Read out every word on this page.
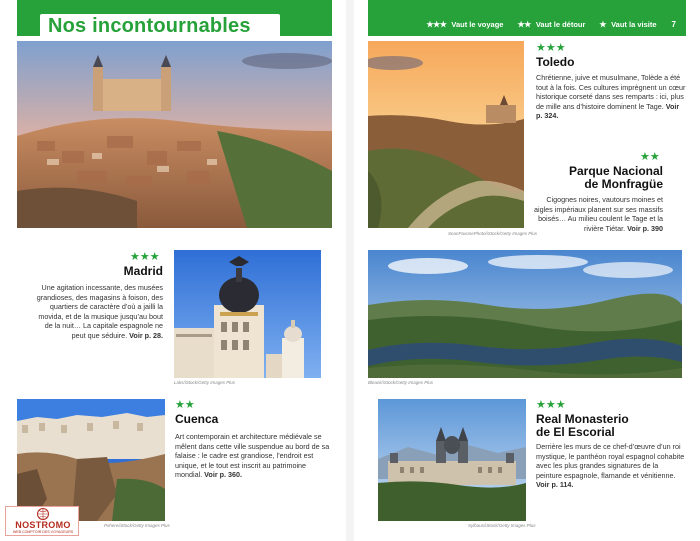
Nos incontournables
★★★
Madrid
Une agitation incessante, des musées grandioses, des magasins à foison, des quartiers de caractère d’où a jailli la movida, et de la musique jusqu’au bout de la nuit… La capitale espagnole ne peut que séduire. Voir p. 28.
Laks/iStock/Getty Images Plus
Pxhere/iStock/Getty Images Plus
★★
Cuenca
Art contemporain et architecture médiévale se mêlent dans cette ville suspendue au bord de sa falaise : le cadre est grandiose, l’endroit est unique, et le tout est inscrit au patrimoine mondial. Voir p. 360.
NOSTROMO
WEB COMPTOIR DES VOYAGEURS
★★★ Vaut le voyage ★★ Vaut le détour ★ Vaut la visite 7
SeanPavonePhoto/iStock/Getty Images Plus
★★★
Toledo
Chrétienne, juive et musulmane, Tolède a été tout à la fois. Ces cultures imprègnent un cœur historique corseté dans ses remparts : ici, plus de mille ans d’histoire dominent le Tage. Voir p. 324.
★★
Parque Nacional
de Monfragüe
Cigognes noires, vautours moines et aigles impériaux planent sur ses massifs boisés… Au milieu coulent le Tage et la rivière Tiétar. Voir p. 390
Bleack/iStock/Getty Images Plus
Sylbaus/iStock/Getty Images Plus
★★★
Real Monasterio
de El Escorial
Derrière les murs de ce chef-d’œuvre d’un roi mystique, le panthéon royal espagnol cohabite avec les plus grandes signatures de la peinture espagnole, flamande et vénitienne. Voir p. 114.
